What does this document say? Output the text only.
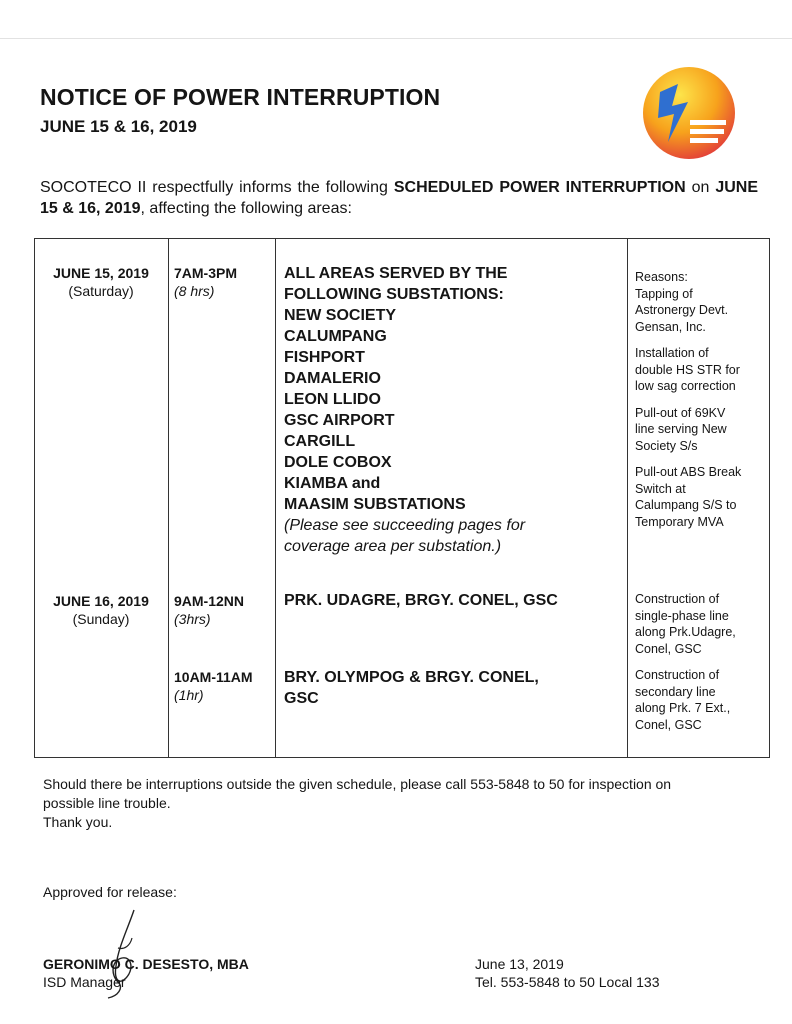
NOTICE OF POWER INTERRUPTION
JUNE 15 & 16, 2019
SOCOTECO II respectfully informs the following SCHEDULED POWER INTERRUPTION on JUNE 15 & 16, 2019, affecting the following areas:
JUNE 15, 2019
(Saturday)
7AM-3PM
(8 hrs)
ALL AREAS SERVED BY THE
FOLLOWING SUBSTATIONS:
NEW SOCIETY
CALUMPANG
FISHPORT
DAMALERIO
LEON LLIDO
GSC AIRPORT
CARGILL
DOLE COBOX
KIAMBA and
MAASIM SUBSTATIONS
(Please see succeeding pages for
coverage area per substation.)

Reasons:
Tapping of
Astronergy Devt.
Gensan, Inc.

Installation of
double HS STR for
low sag correction

Pull-out of 69KV
line serving New
Society S/s

Pull-out ABS Break
Switch at
Calumpang S/S to
Temporary MVA

JUNE 16, 2019
(Sunday)
9AM-12NN
(3hrs)
PRK. UDAGRE, BRGY. CONEL, GSC	Construction of
single-phase line
along Prk.Udagre,
Conel, GSC

10AM-11AM
(1hr)
BRY. OLYMPOG & BRGY. CONEL,
GSC

Construction of
secondary line
along Prk. 7 Ext.,
Conel, GSC

Should there be interruptions outside the given schedule, please call 553-5848 to 50 for inspection on
possible line trouble.
Thank you.
Approved for release:
GERONIMO C. DESESTO, MBA
ISD Manager
June 13, 2019
Tel. 553-5848 to 50 Local 133
